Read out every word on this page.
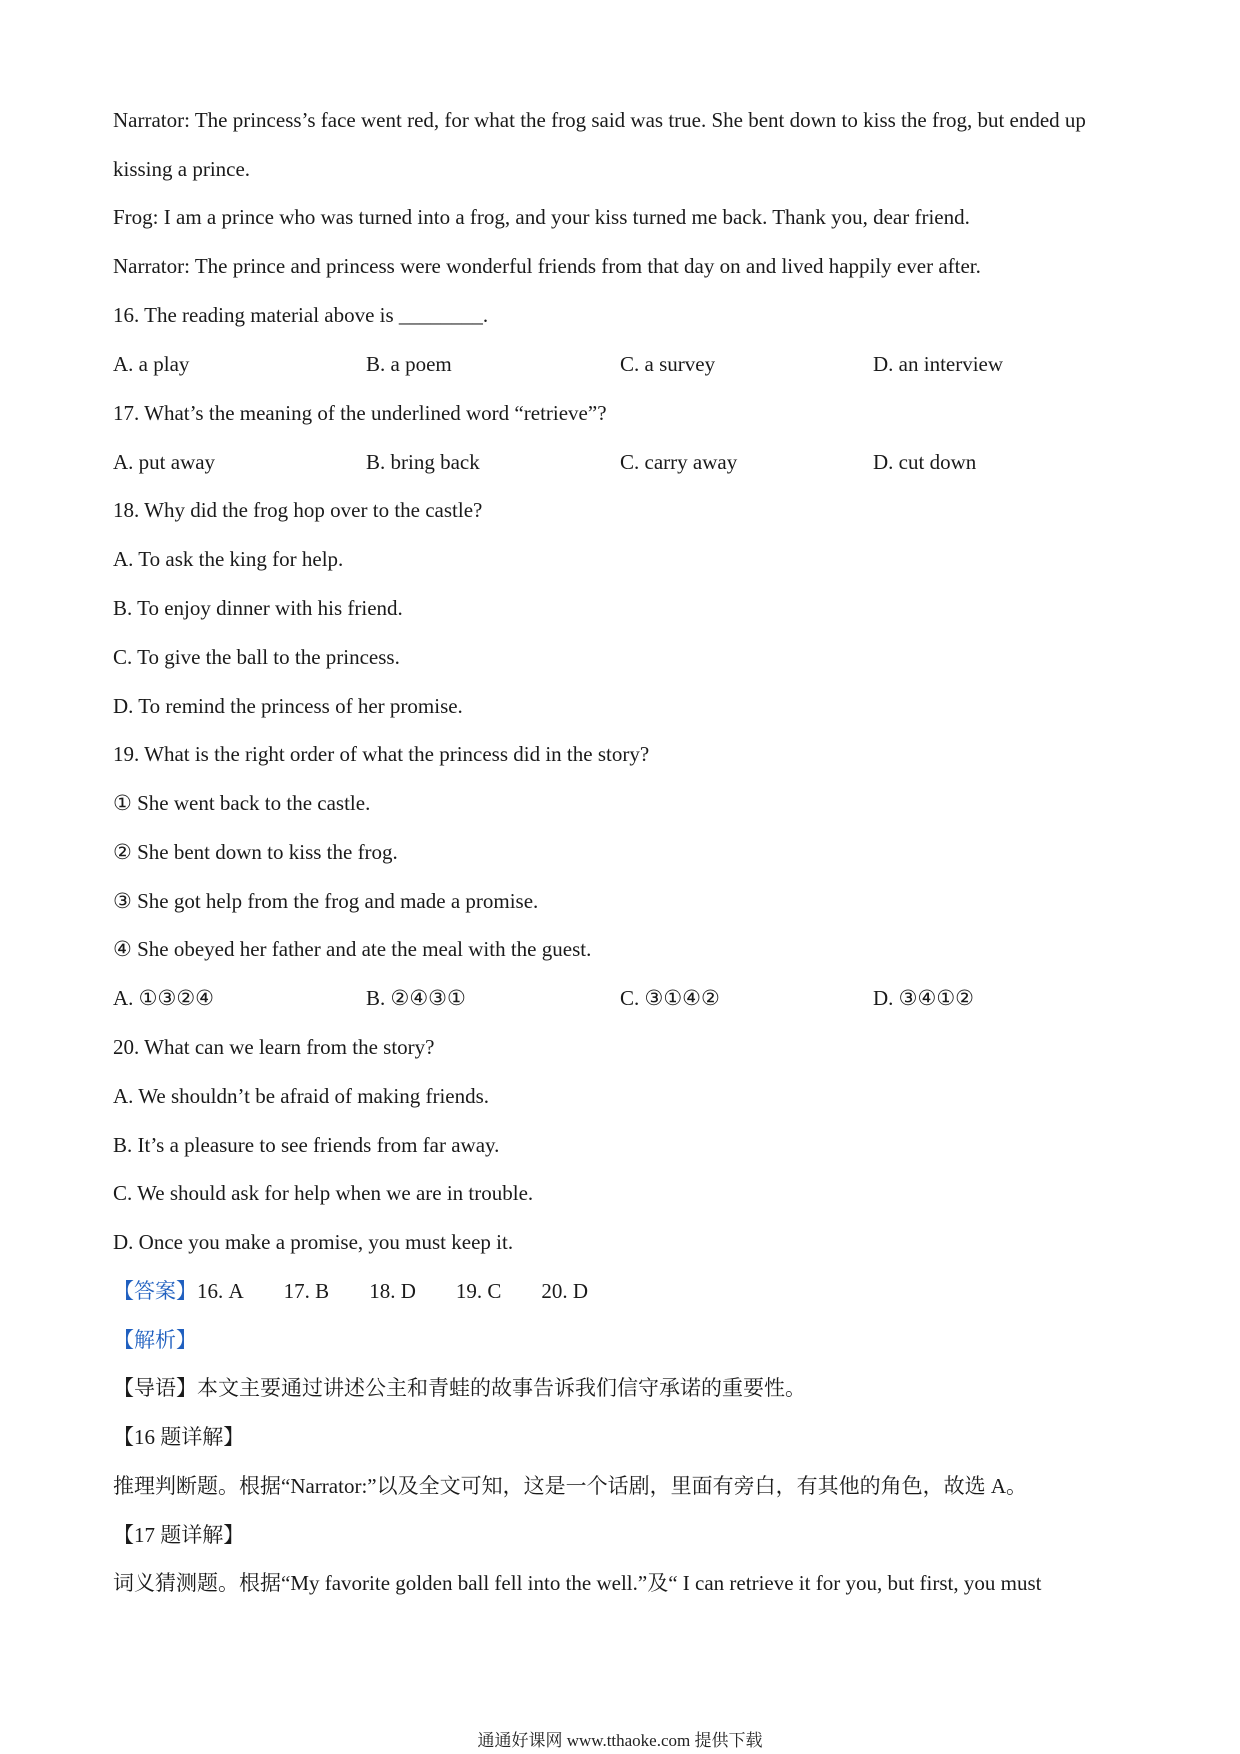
Narrator: The princess’s face went red, for what the frog said was true. She bent down to kiss the frog, but ended up
kissing a prince.
Frog: I am a prince who was turned into a frog, and your kiss turned me back. Thank you, dear friend.
Narrator: The prince and princess were wonderful friends from that day on and lived happily ever after.
16. The reading material above is ________.
A. a play	B. a poem	C. a survey	D. an interview
17. What’s the meaning of the underlined word “retrieve”?
A. put away	B. bring back	C. carry away	D. cut down
18. Why did the frog hop over to the castle?
A. To ask the king for help.
B. To enjoy dinner with his friend.
C. To give the ball to the princess.
D. To remind the princess of her promise.
19. What is the right order of what the princess did in the story?
① She went back to the castle.
② She bent down to kiss the frog.
③ She got help from the frog and made a promise.
④ She obeyed her father and ate the meal with the guest.
A. ①③②④	B. ②④③①	C. ③①④②	D. ③④①②
20. What can we learn from the story?
A. We shouldn’t be afraid of making friends.
B. It’s a pleasure to see friends from far away.
C. We should ask for help when we are in trouble.
D. Once you make a promise, you must keep it.
【答案】16. A 17. B 18. D 19. C 20. D
【解析】
【导语】本文主要通过讲述公主和青蛙的故事告诉我们信守承诺的重要性。
【16 题详解】
推理判断题。根据“Narrator:”以及全文可知，这是一个话剧，里面有旁白，有其他的角色，故选 A。
【17 题详解】
词义猜测题。根据“My favorite golden ball fell into the well.”及“ I can retrieve it for you, but first, you must
通通好课网 www.tthaoke.com 提供下载
